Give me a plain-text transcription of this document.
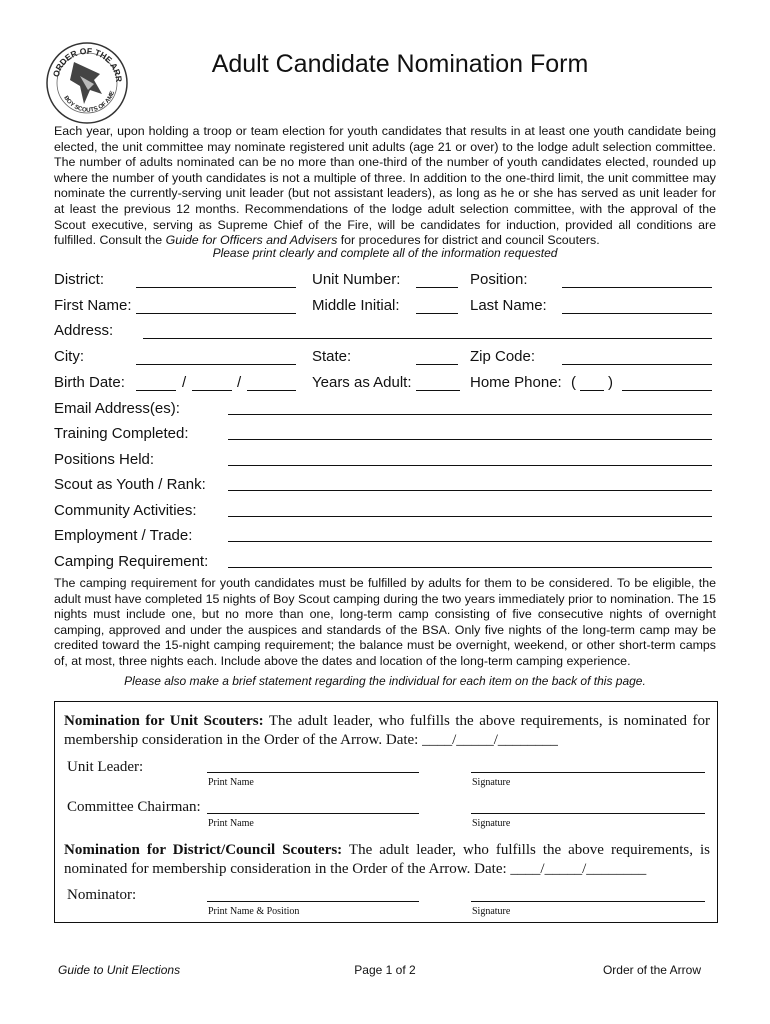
ORDER OF THE ARR
BOY SCOUTS OF AME
Adult Candidate Nomination Form
Each year, upon holding a troop or team election for youth candidates that results in at least one youth candidate being elected, the unit committee may nominate registered unit adults (age 21 or over) to the lodge adult selection committee. The number of adults nominated can be no more than one-third of the number of youth candidates elected, rounded up where the number of youth candidates is not a multiple of three. In addition to the one-third limit, the unit committee may nominate the currently-serving unit leader (but not assistant leaders), as long as he or she has served as unit leader for at least the previous 12 months. Recommendations of the lodge adult selection committee, with the approval of the Scout executive, serving as Supreme Chief of the Fire, will be candidates for induction, provided all conditions are fulfilled. Consult the Guide for Officers and Advisers for procedures for district and council Scouters.
Please print clearly and complete all of the information requested
District:	Unit Number:	Position:
First Name:	Middle Initial:	Last Name:
Address:
City:	State:	Zip Code:
Birth Date:	/	/	Years as Adult:	Home Phone: ( )
Email Address(es):
Training Completed:
Positions Held:
Scout as Youth / Rank:
Community Activities:
Employment / Trade:
Camping Requirement:
The camping requirement for youth candidates must be fulfilled by adults for them to be considered. To be eligible, the adult must have completed 15 nights of Boy Scout camping during the two years immediately prior to nomination. The 15 nights must include one, but no more than one, long-term camp consisting of five consecutive nights of overnight camping, approved and under the auspices and standards of the BSA. Only five nights of the long-term camp may be credited toward the 15-night camping requirement; the balance must be overnight, weekend, or other short-term camps of, at most, three nights each. Include above the dates and location of the long-term camping experience.
Please also make a brief statement regarding the individual for each item on the back of this page.
Nomination for Unit Scouters: The adult leader, who fulfills the above requirements, is nominated for membership consideration in the Order of the Arrow. Date: ____/_____/________
Unit Leader:
Print Name	Signature
Committee Chairman:
Print Name	Signature
Nomination for District/Council Scouters: The adult leader, who fulfills the above requirements, is nominated for membership consideration in the Order of the Arrow. Date: ____/_____/________
Nominator:
Print Name & Position	Signature
Guide to Unit Elections	Page 1 of 2	Order of the Arrow
